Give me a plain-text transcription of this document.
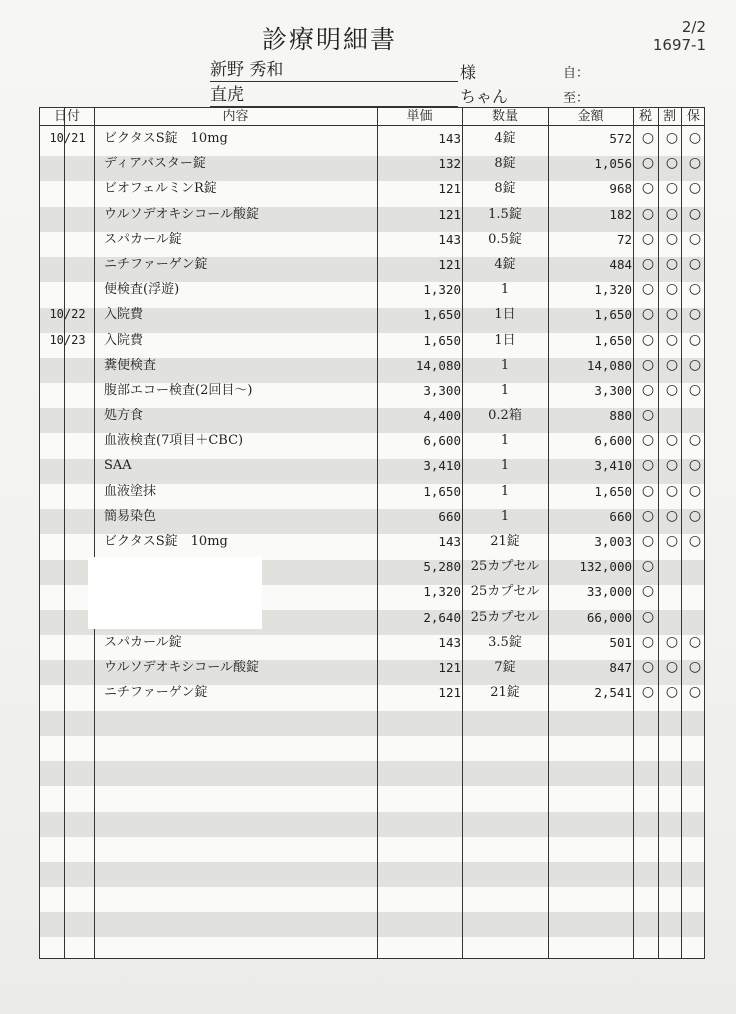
診療明細書	2/2
1697-1
新野 秀和	様
直虎	ちゃん
自：
至：
日付	内容	単価	数量	金額	税 割 保
10/21	ビクタスS錠　10mg	143	4錠	572 ○ ○ ○
ディアバスター錠	132	8錠	1,056 ○ ○ ○
ビオフェルミンR錠	121	8錠	968 ○ ○ ○
ウルソデオキシコール酸錠	121	1.5錠	182 ○ ○ ○
スパカール錠	143	0.5錠	72 ○ ○ ○
ニチファーゲン錠	121	4錠	484 ○ ○ ○
便検査(浮遊)	1,320	1	1,320 ○ ○ ○
10/22	入院費	1,650	1日	1,650 ○ ○ ○
10/23	入院費	1,650	1日	1,650 ○ ○ ○
糞便検査	14,080	1	14,080 ○ ○ ○
腹部エコー検査(2回目～)	3,300	1	3,300 ○ ○ ○
処方食	4,400	0.2箱	880 ○
血液検査(7項目＋CBC)	6,600	1	6,600 ○ ○ ○
SAA	3,410	1	3,410 ○ ○ ○
血液塗抹	1,650	1	1,650 ○ ○ ○
簡易染色	660	1	660 ○ ○ ○
ビクタスS錠　10mg	143	21錠	3,003 ○ ○ ○
5,280 25カプセル	132,000 ○
1,320 25カプセル	33,000 ○
2,640 25カプセル	66,000 ○
スパカール錠	143	3.5錠	501 ○ ○ ○
ウルソデオキシコール酸錠	121	7錠	847 ○ ○ ○
ニチファーゲン錠	121	21錠	2,541 ○ ○ ○
